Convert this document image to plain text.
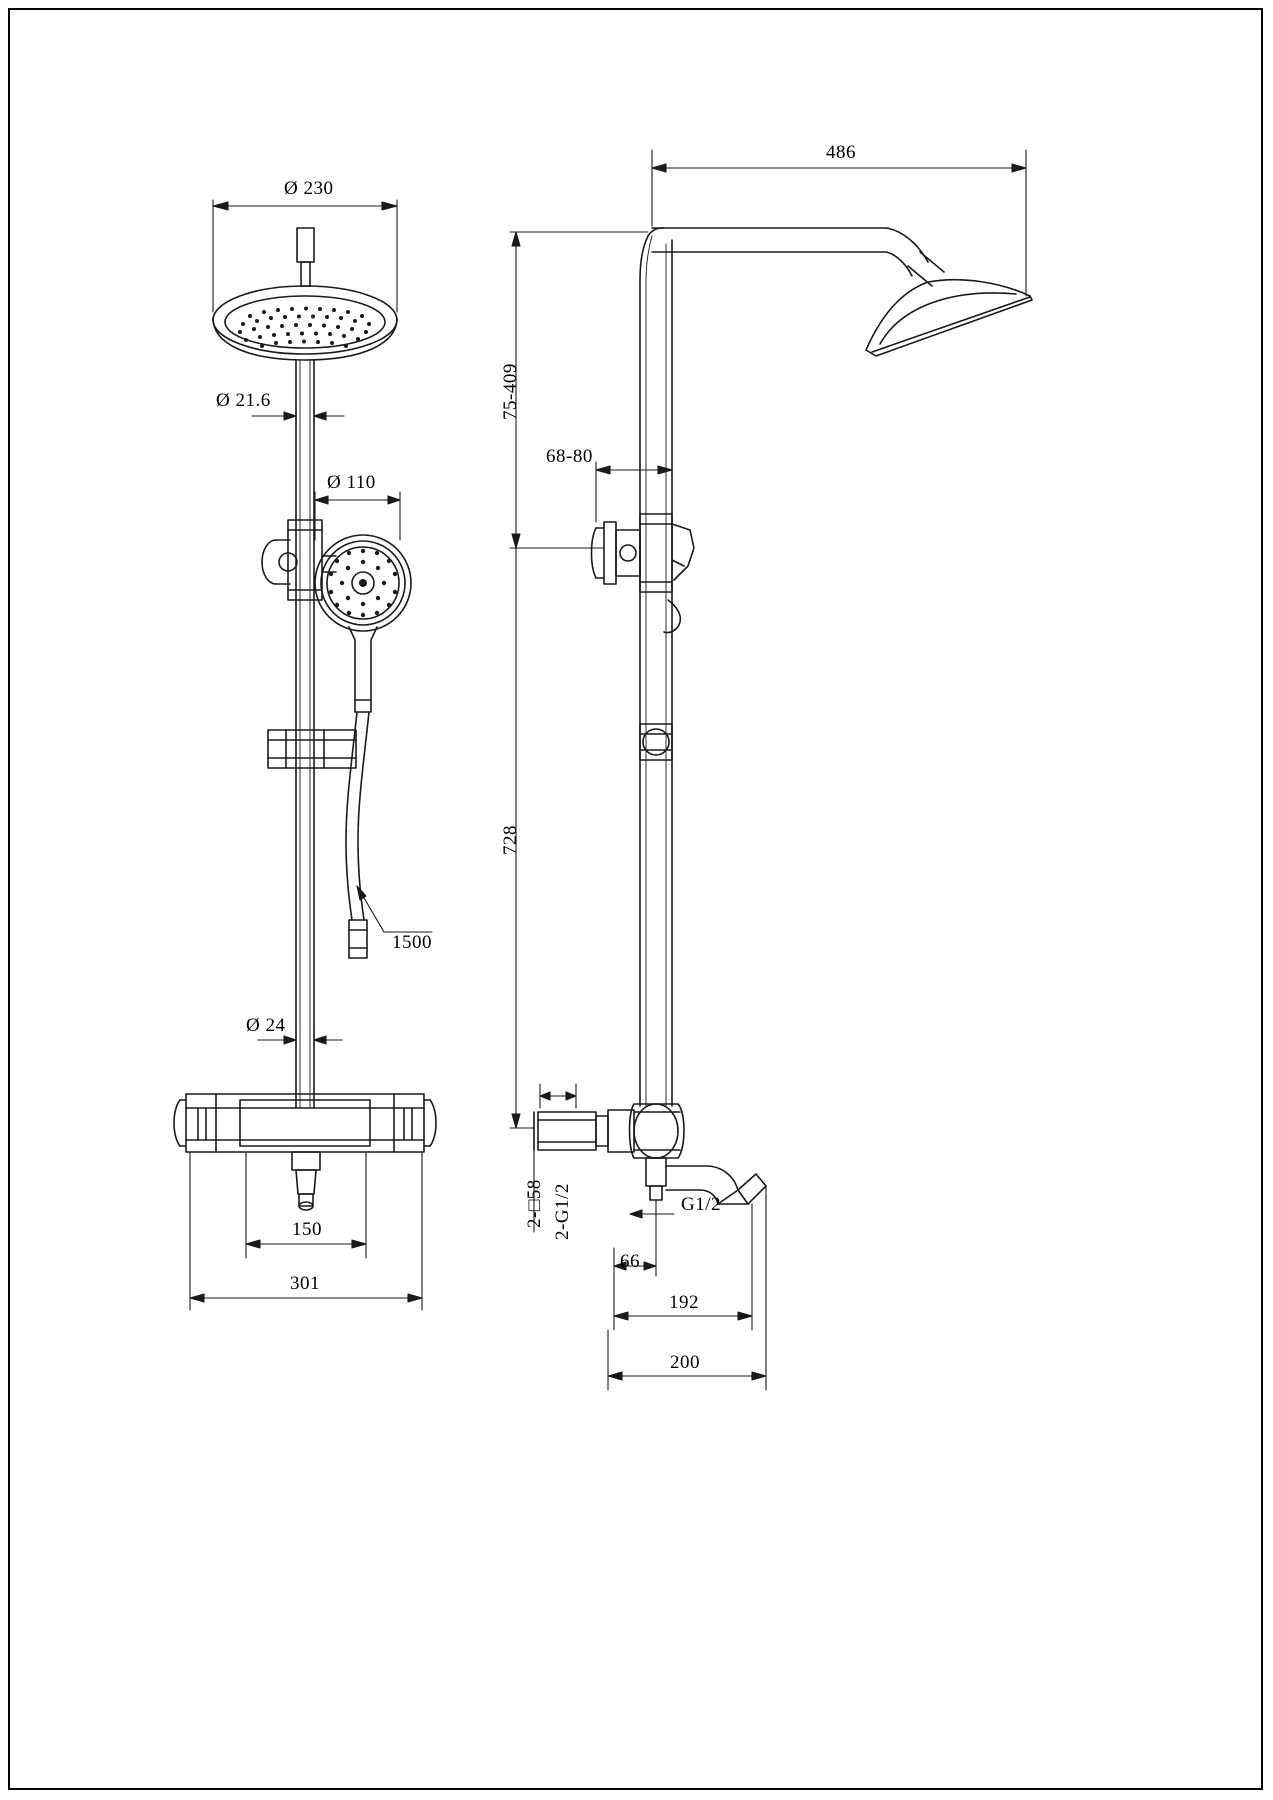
Ø 230
Ø 21.6
Ø 110
1500
Ø 24
150
301
486
75-409
68-80
728
2-□58 2-G1/2	G1/2
66
192
200
